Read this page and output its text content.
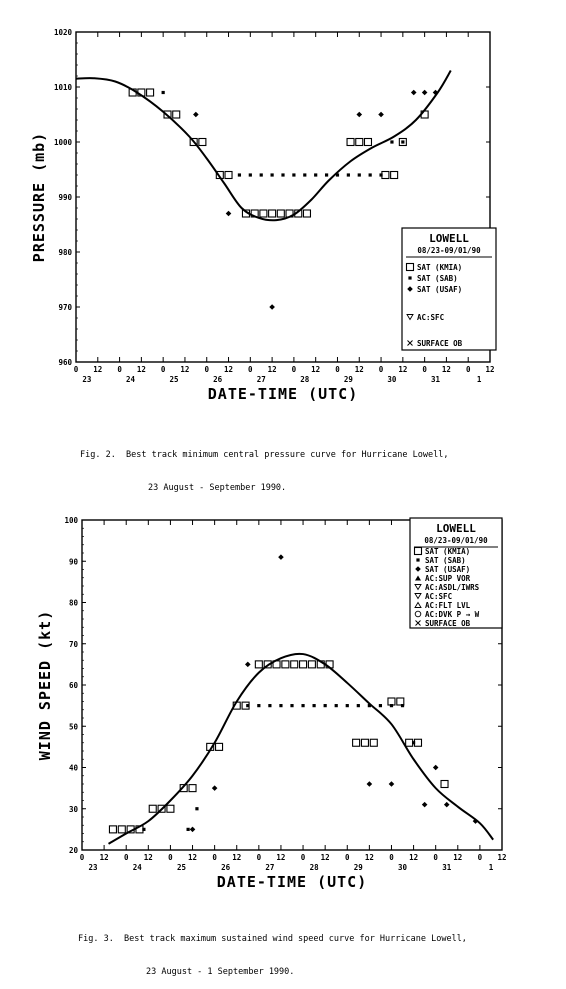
960
970
980
990
1000
1010
1020
0 12 0 12 0 12 0 12 0 12 0 12 0 12 0 12 0 12 0 12
23	24	25	26	27	28	29	30	31	1
DATE-TIME (UTC)
PRESSURE (mb)	LOWELL
08/23-09/01/90
SAT (KMIA)
SAT (SAB)
SAT (USAF)
AC:SFC
SURFACE OB
20
30
40
50
60
70
80
90
100
0 12 0 12 0 12 0 12 0 12 0 12 0 12 0 12 0 12 0 12
23	24	25	26	27	28	29	30	31	1
DATE-TIME (UTC)
WIND SPEED (kt)
LOWELL
08/23-09/01/90
SAT (KMIA)
SAT (SAB)
SAT (USAF)
AC:SUP VOR
AC:ASDL/IWRS
AC:SFC
AC:FLT LVL
AC:DVK P → W
SURFACE OB

Fig. 2.  Best track minimum central pressure curve for Hurricane Lowell,

23 August - September 1990.

Fig. 3.  Best track maximum sustained wind speed curve for Hurricane Lowell,

23 August - 1 September 1990.
